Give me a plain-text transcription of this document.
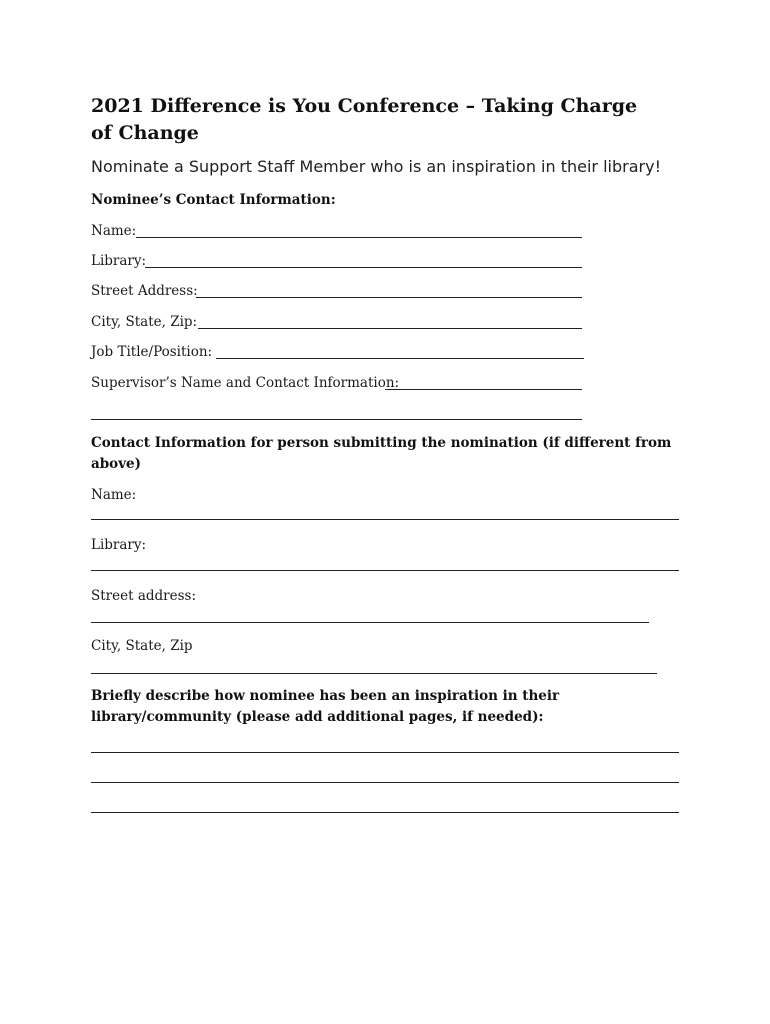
2021 Difference is You Conference – Taking Charge of Change
Nominate a Support Staff Member who is an inspiration in their library!
Nominee’s Contact Information:
Name:
Library:
Street Address:
City, State, Zip:
Job Title/Position:
Supervisor’s Name and Contact Information:
Contact Information for person submitting the nomination (if different from above)
Name:
Library:
Street address:
City, State, Zip
Briefly describe how nominee has been an inspiration in their library/community (please add additional pages, if needed):
